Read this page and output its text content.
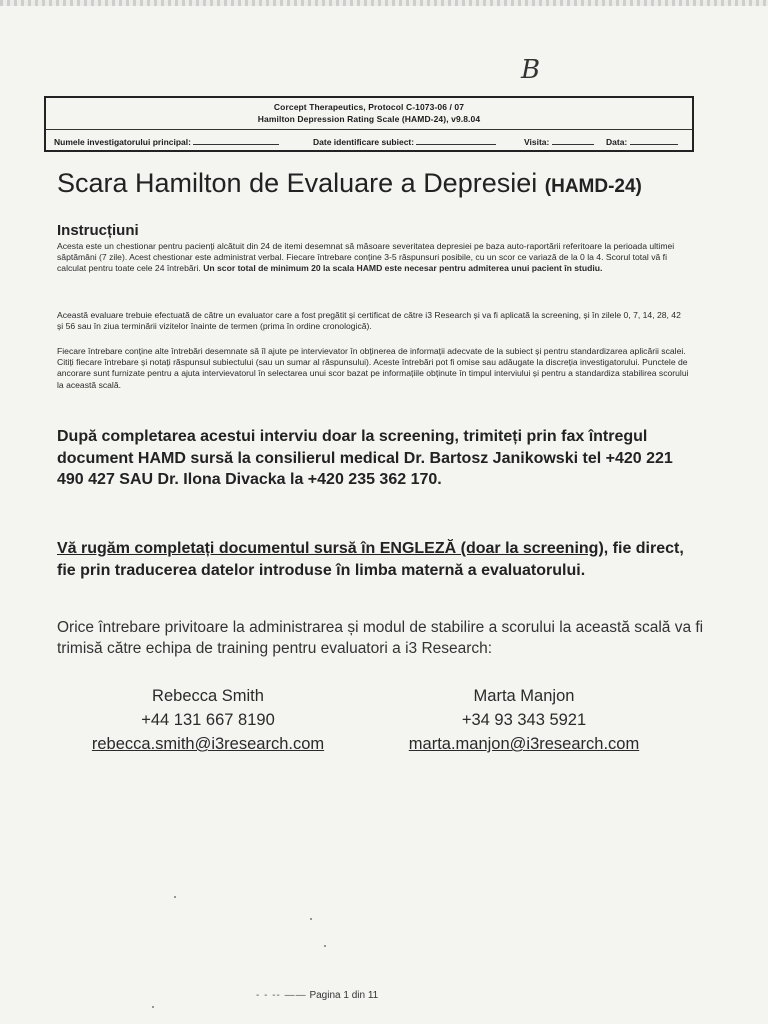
B
Corcept Therapeutics, Protocol C-1073-06 / 07
Hamilton Depression Rating Scale (HAMD-24), v9.8.04
Numele investigatorului principal:	Date identificare subiect:	Visita:	Data:
Scara Hamilton de Evaluare a Depresiei (HAMD-24)
Instrucțiuni
Acesta este un chestionar pentru pacienți alcătuit din 24 de itemi desemnat să măsoare severitatea depresiei pe baza auto-raportării referitoare la perioada ultimei săptămâni (7 zile). Acest chestionar este administrat verbal. Fiecare întrebare conține 3-5 răspunsuri posibile, cu un scor ce variază de la 0 la 4. Scorul total vă fi calculat pentru toate cele 24 întrebări. Un scor total de minimum 20 la scala HAMD este necesar pentru admiterea unui pacient în studiu.
Această evaluare trebuie efectuată de către un evaluator care a fost pregătit și certificat de către i3 Research și va fi aplicată la screening, și în zilele 0, 7, 14, 28, 42 și 56 sau în ziua terminării vizitelor înainte de termen (prima în ordine cronologică).
Fiecare întrebare conține alte întrebări desemnate să îl ajute pe intervievator în obținerea de informații adecvate de la subiect și pentru standardizarea aplicării scalei. Citiți fiecare întrebare și notați răspunsul subiectului (sau un sumar al răspunsului). Aceste întrebări pot fi omise sau adăugate la discreția investigatorului. Punctele de ancorare sunt furnizate pentru a ajuta intervievatorul în selectarea unui scor bazat pe informațiile obținute în timpul interviului și pentru a standardiza stabilirea scorului la această scală.
După completarea acestui interviu doar la screening, trimiteți prin fax întregul document HAMD sursă la consilierul medical Dr. Bartosz Janikowski tel +420 221 490 427 SAU Dr. Ilona Divacka la +420 235 362 170.
Vă rugăm completați documentul sursă în ENGLEZĂ (doar la screening), fie direct, fie prin traducerea datelor introduse în limba maternă a evaluatorului.
Orice întrebare privitoare la administrarea și modul de stabilire a scorului la această scală va fi trimisă către echipa de training pentru evaluatori a i3 Research:
Rebecca Smith
+44 131 667 8190
rebecca.smith@i3research.com
Marta Manjon
+34 93 343 5921
marta.manjon@i3research.com
- - -- —— Pagina 1 din 11
